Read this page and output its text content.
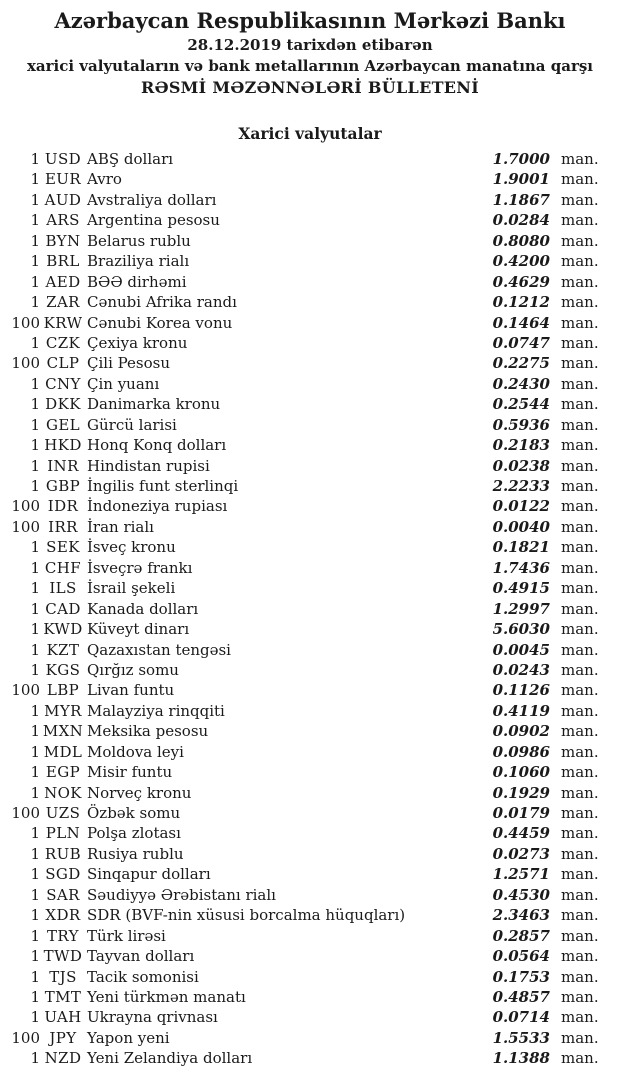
Azərbaycan Respublikasının Mərkəzi Bankı
28.12.2019 tarixdən etibarən
xarici valyutaların və bank metallarının Azərbaycan manatına qarşı
RƏSMİ MƏZƏNNƏLƏRİ BÜLLETENİ
Xarici valyutalar
1 USD ABŞ dolları	1.7000 man.
1 EUR Avro	1.9001 man.
1 AUD Avstraliya dolları	1.1867 man.
1 ARS Argentina pesosu	0.0284 man.
1 BYN Belarus rublu	0.8080 man.
1 BRL Braziliya rialı	0.4200 man.
1 AED BƏƏ dirhəmi	0.4629 man.
1 ZAR Cənubi Afrika randı	0.1212 man.
100 KRW Cənubi Korea vonu	0.1464 man.
1 CZK Çexiya kronu	0.0747 man.
100 CLP Çili Pesosu	0.2275 man.
1 CNY Çin yuanı	0.2430 man.
1 DKK Danimarka kronu	0.2544 man.
1 GEL Gürcü larisi	0.5936 man.
1 HKD Honq Konq dolları	0.2183 man.
1 INR Hindistan rupisi	0.0238 man.
1 GBP İngilis funt sterlinqi	2.2233 man.
100 IDR İndoneziya rupiası	0.0122 man.
100 IRR İran rialı	0.0040 man.
1 SEK İsveç kronu	0.1821 man.
1 CHF İsveçrə frankı	1.7436 man.
1 ILS İsrail şekeli	0.4915 man.
1 CAD Kanada dolları	1.2997 man.
1 KWD Küveyt dinarı	5.6030 man.
1 KZT Qazaxıstan tengəsi	0.0045 man.
1 KGS Qırğız somu	0.0243 man.
100 LBP Livan funtu	0.1126 man.
1 MYR Malayziya rinqqiti	0.4119 man.
1 MXN Meksika pesosu	0.0902 man.
1 MDL Moldova leyi	0.0986 man.
1 EGP Misir funtu	0.1060 man.
1 NOK Norveç kronu	0.1929 man.
100 UZS Özbək somu	0.0179 man.
1 PLN Polşa zlotası	0.4459 man.
1 RUB Rusiya rublu	0.0273 man.
1 SGD Sinqapur dolları	1.2571 man.
1 SAR Səudiyyə Ərəbistanı rialı	0.4530 man.
1 XDR SDR (BVF-nin xüsusi borcalma hüquqları)	2.3463 man.
1 TRY Türk lirəsi	0.2857 man.
1 TWD Tayvan dolları	0.0564 man.
1 TJS Tacik somonisi	0.1753 man.
1 TMT Yeni türkmən manatı	0.4857 man.
1 UAH Ukrayna qrivnası	0.0714 man.
100 JPY Yapon yeni	1.5533 man.
1 NZD Yeni Zelandiya dolları	1.1388 man.
